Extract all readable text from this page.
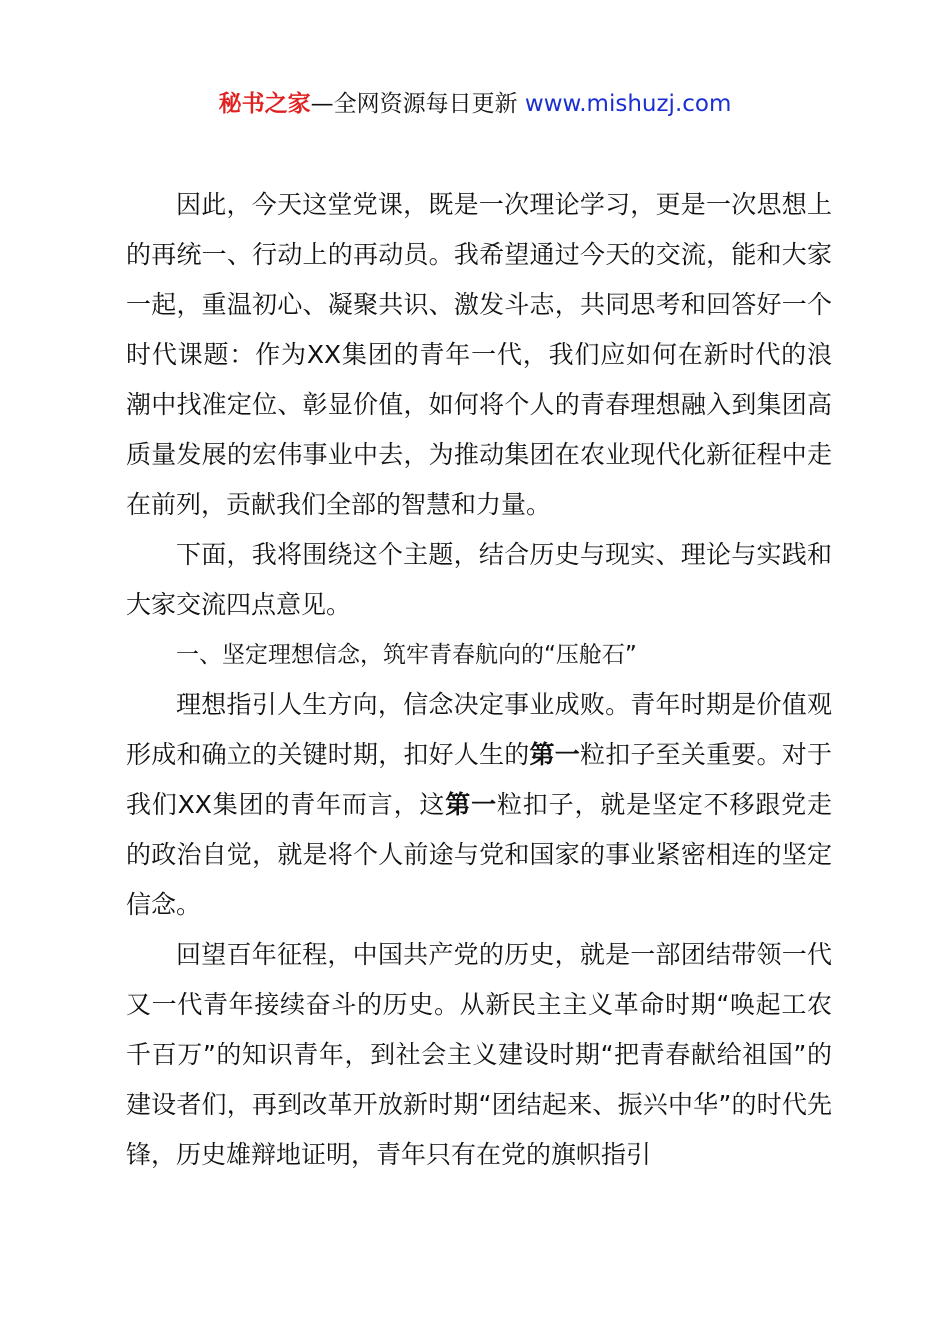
秘书之家—全网资源每日更新 www.mishuzj.com

因此，今天这堂党课，既是一次理论学习，更是一次思想上的再统一、行动上的再动员。我希望通过今天的交流，能和大家一起，重温初心、凝聚共识、激发斗志，共同思考和回答好一个时代课题：作为XX集团的青年一代，我们应如何在新时代的浪潮中找准定位、彰显价值，如何将个人的青春理想融入到集团高质量发展的宏伟事业中去，为推动集团在农业现代化新征程中走在前列，贡献我们全部的智慧和力量。

下面，我将围绕这个主题，结合历史与现实、理论与实践和大家交流四点意见。

一、坚定理想信念，筑牢青春航向的“压舱石”

理想指引人生方向，信念决定事业成败。青年时期是价值观形成和确立的关键时期，扣好人生的第一粒扣子至关重要。对于我们XX集团的青年而言，这第一粒扣子，就是坚定不移跟党走的政治自觉，就是将个人前途与党和国家的事业紧密相连的坚定信念。

回望百年征程，中国共产党的历史，就是一部团结带领一代又一代青年接续奋斗的历史。从新民主主义革命时期“唤起工农千百万”的知识青年，到社会主义建设时期“把青春献给祖国”的建设者们，再到改革开放新时期“团结起来、振兴中华”的时代先锋，历史雄辩地证明，青年只有在党的旗帜指引
